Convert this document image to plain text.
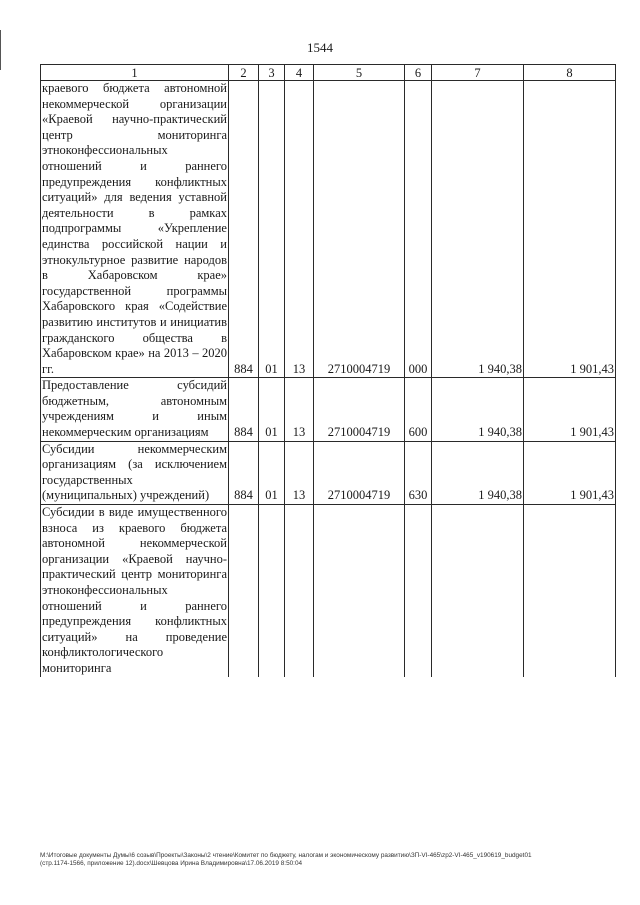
1544
1	2	3	4	5	6	7	8
краевого бюджета автономной некоммерческой организации «Краевой научно-практический центр мониторинга этноконфессиональных отношений и раннего предупреждения конфликтных ситуаций» для ведения уставной деятельности в рамках подпрограммы «Укрепление единства российской нации и этнокультурное развитие народов в Хабаровском крае» государственной программы Хабаровского края «Содействие развитию институтов и инициатив гражданского общества в Хабаровском крае» на 2013 – 2020 гг.	884	01	13	2710004719	000	1 940,38	1 901,43
Предоставление субсидий бюджетным, автономным учреждениям и иным некоммерческим организациям	884	01	13	2710004719	600	1 940,38	1 901,43
Субсидии некоммерческим организациям (за исключением государственных (муниципальных) учреждений)	884	01	13	2710004719	630	1 940,38	1 901,43
Субсидии в виде имущественного взноса из краевого бюджета автономной некоммерческой организации «Краевой научно-практический центр мониторинга этноконфессиональных отношений и раннего предупреждения конфликтных ситуаций» на проведение конфликтологического мониторинга							
M:\Итоговые документы Думы\6 созыв\Проекты\Законы\2 чтение\Комитет по бюджету, налогам и экономическому развитию\ЗП-VI-465\zp2-VI-465_v190619_budget01
(стр.1174-1566, приложение 12).docx\Шевцова Ирина Владимировна\17.06.2019 8:50:04
